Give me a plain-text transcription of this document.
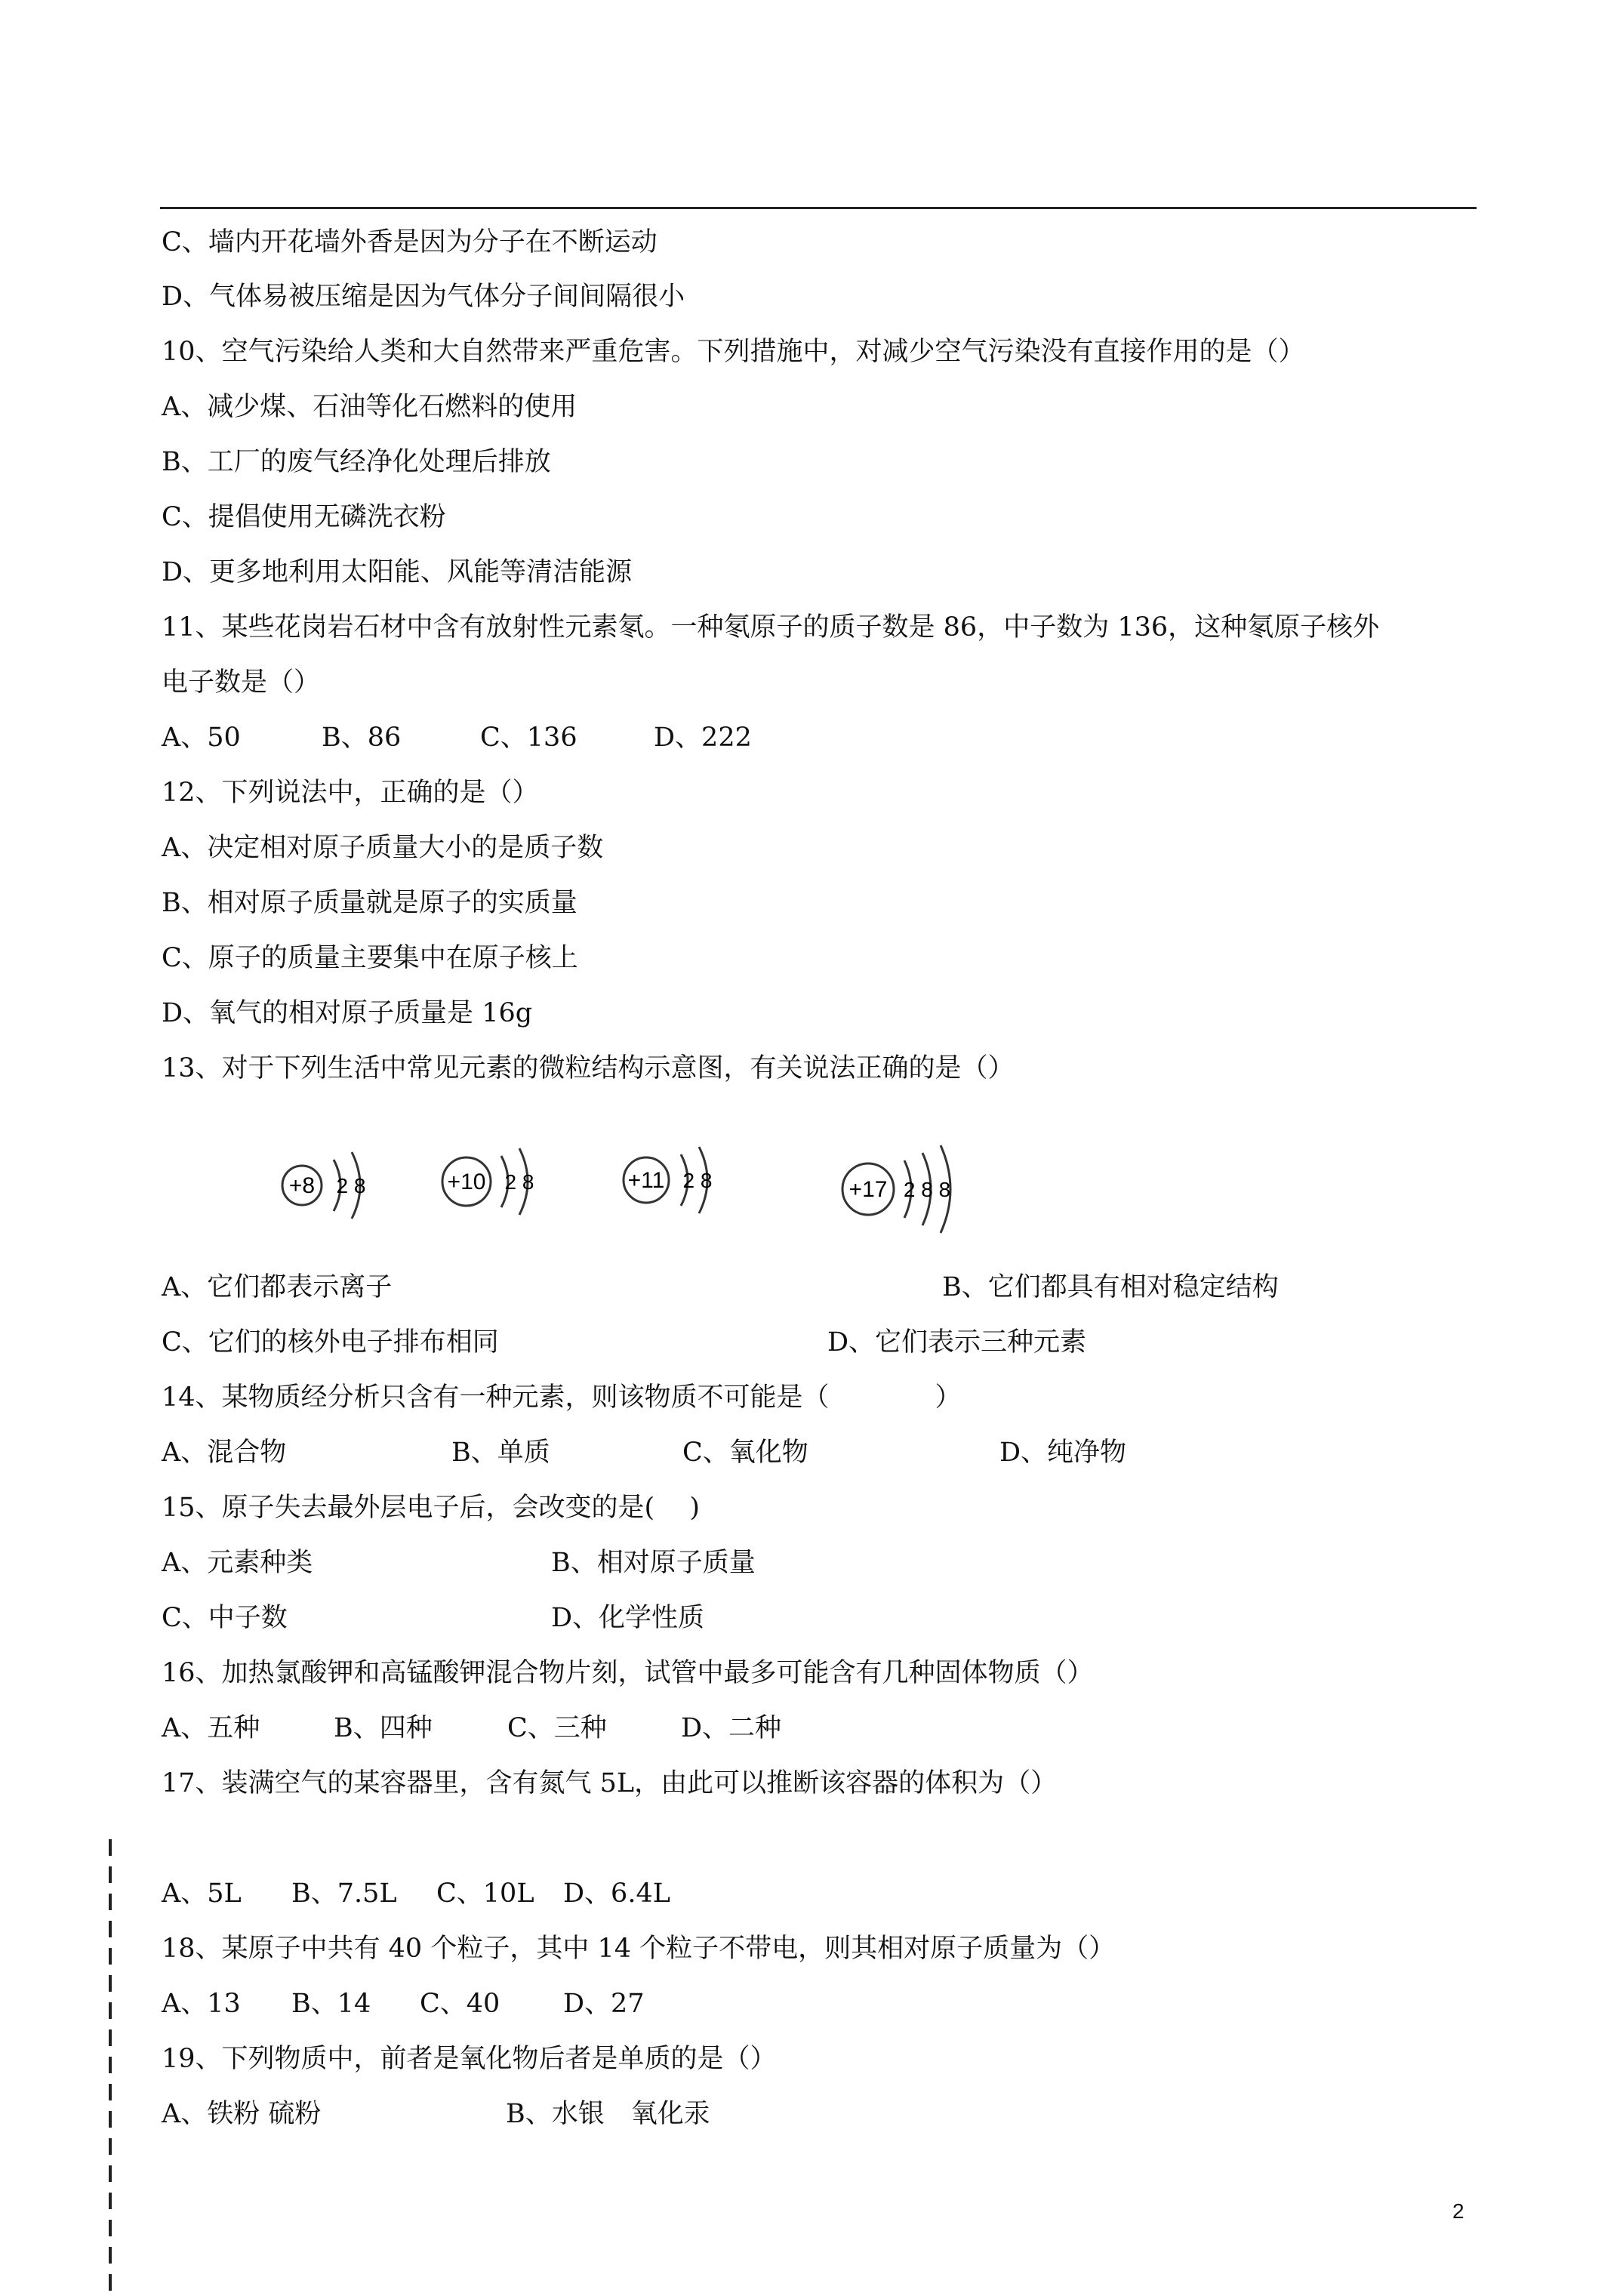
C、墙内开花墙外香是因为分子在不断运动
D、气体易被压缩是因为气体分子间间隔很小
10、空气污染给人类和大自然带来严重危害。下列措施中，对减少空气污染没有直接作用的是（）
A、减少煤、石油等化石燃料的使用
B、工厂的废气经净化处理后排放
C、提倡使用无磷洗衣粉
D、更多地利用太阳能、风能等清洁能源
11、某些花岗岩石材中含有放射性元素氡。一种氡原子的质子数是 86，中子数为 136，这种氡原子核外
电子数是（）
A、50	B、86	C、136	D、222
12、下列说法中，正确的是（）
A、决定相对原子质量大小的是质子数
B、相对原子质量就是原子的实质量
C、原子的质量主要集中在原子核上
D、氧气的相对原子质量是 16g
13、对于下列生活中常见元素的微粒结构示意图，有关说法正确的是（）
+8 2 8	+10 2 8	+11 2 8	+17 2 8 8
A、它们都表示离子	B、它们都具有相对稳定结构
C、它们的核外电子排布相同	D、它们表示三种元素
14、某物质经分析只含有一种元素，则该物质不可能是（　　　　）
A、混合物	B、单质	C、氧化物	D、纯净物
15、原子失去最外层电子后，会改变的是(　 )
A、元素种类	B、相对原子质量
C、中子数	D、化学性质
16、加热氯酸钾和高锰酸钾混合物片刻，试管中最多可能含有几种固体物质（）
A、五种	B、四种	C、三种	D、二种
17、装满空气的某容器里，含有氮气 5L，由此可以推断该容器的体积为（）
A、5L B、7.5L C、10L D、6.4L
18、某原子中共有 40 个粒子，其中 14 个粒子不带电，则其相对原子质量为（）
A、13 B、14 C、40 D、27
19、下列物质中，前者是氧化物后者是单质的是（）
A、铁粉 硫粉	B、水银　氧化汞
2
